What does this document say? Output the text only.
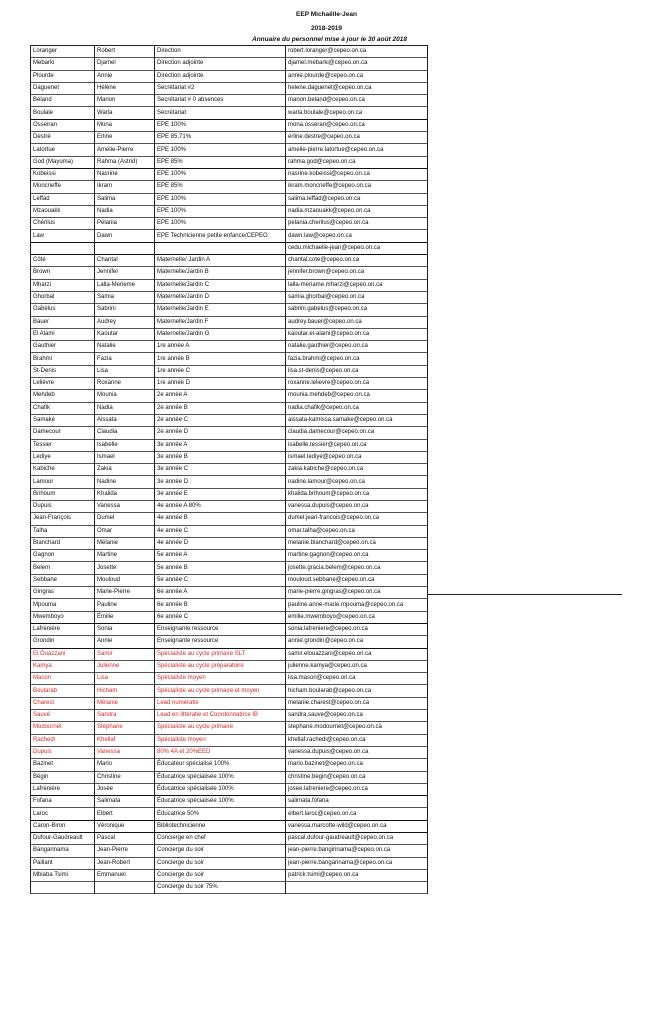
EEP Michaëlle-Jean
2018-2019
Annuaire du personnel mise à jour le 30 août 2018
Loranger	Robert	Direction	robert.loranger@cepeo.on.ca
Mebarki	Djamel	Direction adjointe	djamel.mebarki@cepeo.on.ca
Plourde	Annie	Direction adjointe	annie.plourde@cepeo.on.ca
Daguenet	Hélène	Secrétariat #2	helene.daguenet@cepeo.on.ca
Béland	Manon	Secrétariat # 0 absences	manon.beland@cepeo.on.ca
Boulale	Warla	Secrétariat	warla.boulale@cepeo.on.ca
Osseiran	Mona	EPE 100%	mona.osseran@cepeo.on.ca
Destré	Erline	EPE 85,71%	erline.destre@cepeo.on.ca
Latortue	Amélie-Pierre	EPE 100%	amelie-pierre.latortue@cepeo.on.ca
God (Mayuma)	Rahma (Astrid)	EPE 85%	rahma.god@cepeo.on.ca
Kobeissi	Nasrine	EPE 100%	nasrine.kobeissi@cepeo.on.ca
Moncrieffe	Ikram	EPE 85%	ikram.moncrieffe@cepeo.on.ca
Leffad	Salima	EPE 100%	salima.leffad@cepeo.on.ca
Mzaouakk	Nadia	EPE 100%	nadia.mzaouakk@cepeo.on.ca
Chérilus	Pélania	EPE 100%	pelania.cherilus@cepeo.on.ca
Law	Dawn	EPE Technicienne petite enfance/CEPEO	dawn.law@cepeo.on.ca
			cedu.michaelle-jean@cepeo.on.ca
Côté	Chantal	Maternelle/ Jardin A	chantal.cote@cepeo.on.ca
Brown	Jennifer	Maternelle/Jardin B	jennifer.brown@cepeo.on.ca
Mharzi	Lalla-Merieme	Maternelle/Jardin C	lalla-meriame.mharzi@cepeo.on.ca
Ghorbal	Samia	Maternelle/Jardin D	samia.ghorbal@cepeo.on.ca
Gabélus	Sabrini	Maternelle/Jardin E	sabrini.gabelus@cepeo.on.ca
Bauer	Audrey	Maternelle/Jardin F	audrey.bauer@cepeo.on.ca
El Alami	Kaoutar	Maternelle/Jardin G	kaoutar.el-alami@cepeo.on.ca
Gauthier	Natalie	1re année A	natalie.gauthier@cepeo.on.ca
Brahmi	Fazia	1re année B	fazia.brahmi@cepeo.on.ca
St-Denis	Lisa	1re année C	lisa.st-denis@cepeo.on.ca
Lelièvre	Roxanne	1re année D	roxanne.lelievre@cepeo.on.ca
Mehdeb	Mounia	2e année A	mounia.mehdeb@cepeo.on.ca
Chafik	Nadia	2e année B	nadia.chafik@cepeo.on.ca
Samaké	Aissata	2e année C	aissata-kamissa.samake@cepeo.on.ca
Damecour	Claudia	2e année D	claudia.damecour@cepeo.on.ca
Tessier	Isabelle	3e année A	isabelle.tessier@cepeo.on.ca
Lediye	Ismael	3e année B	ismael.lediye@cepeo.on.ca
Kabiche	Zakia	3e année C	zakia.kabiche@cepeo.on.ca
Lamour	Nadine	3e année D	nadine.lamour@cepeo.on.ca
Brihoum	Khalida	3e année E	khalida.brihoum@cepeo.on.ca
Dupuis	Vanessa	4e année A 80%	vanessa.dupuis@cepeo.on.ca
Jean-François	Dumel	4e année B	dumel.jean-francois@cepeo.on.ca
Talha	Omar	4e année C	omar.talha@cepeo.on.ca
Blanchard	Mélanie	4e année D	melanie.blanchard@cepeo.on.ca
Gagnon	Martine	5e année A	martine.gagnon@cepeo.on.ca
Belem	Josette	5e année B	josette.gracia.belem@cepeo.on.ca
Sebbane	Mouloud	5e année C	mouloud.sebbane@cepeo.on.ca
Gingras	Marie-Pierre	6e année A	marie-pierre.gingras@cepeo.on.ca
Mpouma	Pauline	6e année B	pauline.anne-marie.mpouma@cepeo.on.ca
Mwemboyo	Émilie	6e année C	emilie.mwemboyo@cepeo.on.ca
Lafrenière	Sonia	Enseignante ressource	sonia.lafreniere@cepeo.on.ca
Grondin	Annie	Enseignante ressource	annie.grondin@cepeo.on.ca
El Ouazzani	Samir	Spécialiste au cycle primaire SLT	samir.elouazzani@cepeo.on.ca
Kamya	Julienne	Spécialiste au cycle préparatoire	julienne.kamya@cepeo.on.ca
Mason	Lisa	Spécialiste moyen	lisa.mason@cepeo.on.ca
Boularab	Hicham	Spécialiste au cycle primaire et moyen	hicham.boularab@cepeo.on.ca
Charest	Mélanie	Lead numératie	melanie.charest@cepeo.on.ca
Sauvé	Sandra	Lead en littératie et Coordonnatrice IB	sandra.sauve@cepeo.on.ca
Modournet	Stéphane	Spécialiste au cycle primaire	stephane.modournet@cepeo.on.ca
Rachedi	Khellaf	Spécialiste moyen	khellaf.rachedi@cepeo.on.ca
Dupuis	Vanessa	80% 4A et 20%EED	vanessa.dupuis@cepeo.on.ca
Bazinet	Mario	Éducateur spécialisé 100%	mario.bazinet@cepeo.on.ca
Bégin	Christine	Éducatrice spécialisée 100%	christine.begin@cepeo.on.ca
Lafrenière	Josée	Éducatrice spécialisée 100%	josee.lafreniere@cepeo.on.ca
Fofana	Salimata	Éducatrice spécialisée 100%	salimata.fofana
Laroc	Elbert	Éducatrice 50%	elbert.laroc@cepeo.on.ca
Caron-Biron	Véronique	Bibliotechnicienne	vanessa.marcotte-wild@cepeo.on.ca
Dufour-Gaudreault	Pascal	Concierge en chef	pascal.dufour-gaudreault@cepeo.on.ca
Bangarinama	Jean-Pierre	Concierge du soir	jean-pierre.bangirinama@cepeo.on.ca
Paillant	Jean-Robert	Concierge du soir	jean-pierre.bangarinama@cepeo.on.ca
Mbiaba Tsimi	Emmanuel	Concierge du soir	patrick.tsimi@cepeo.on.ca
		Concierge du soir 75%	
